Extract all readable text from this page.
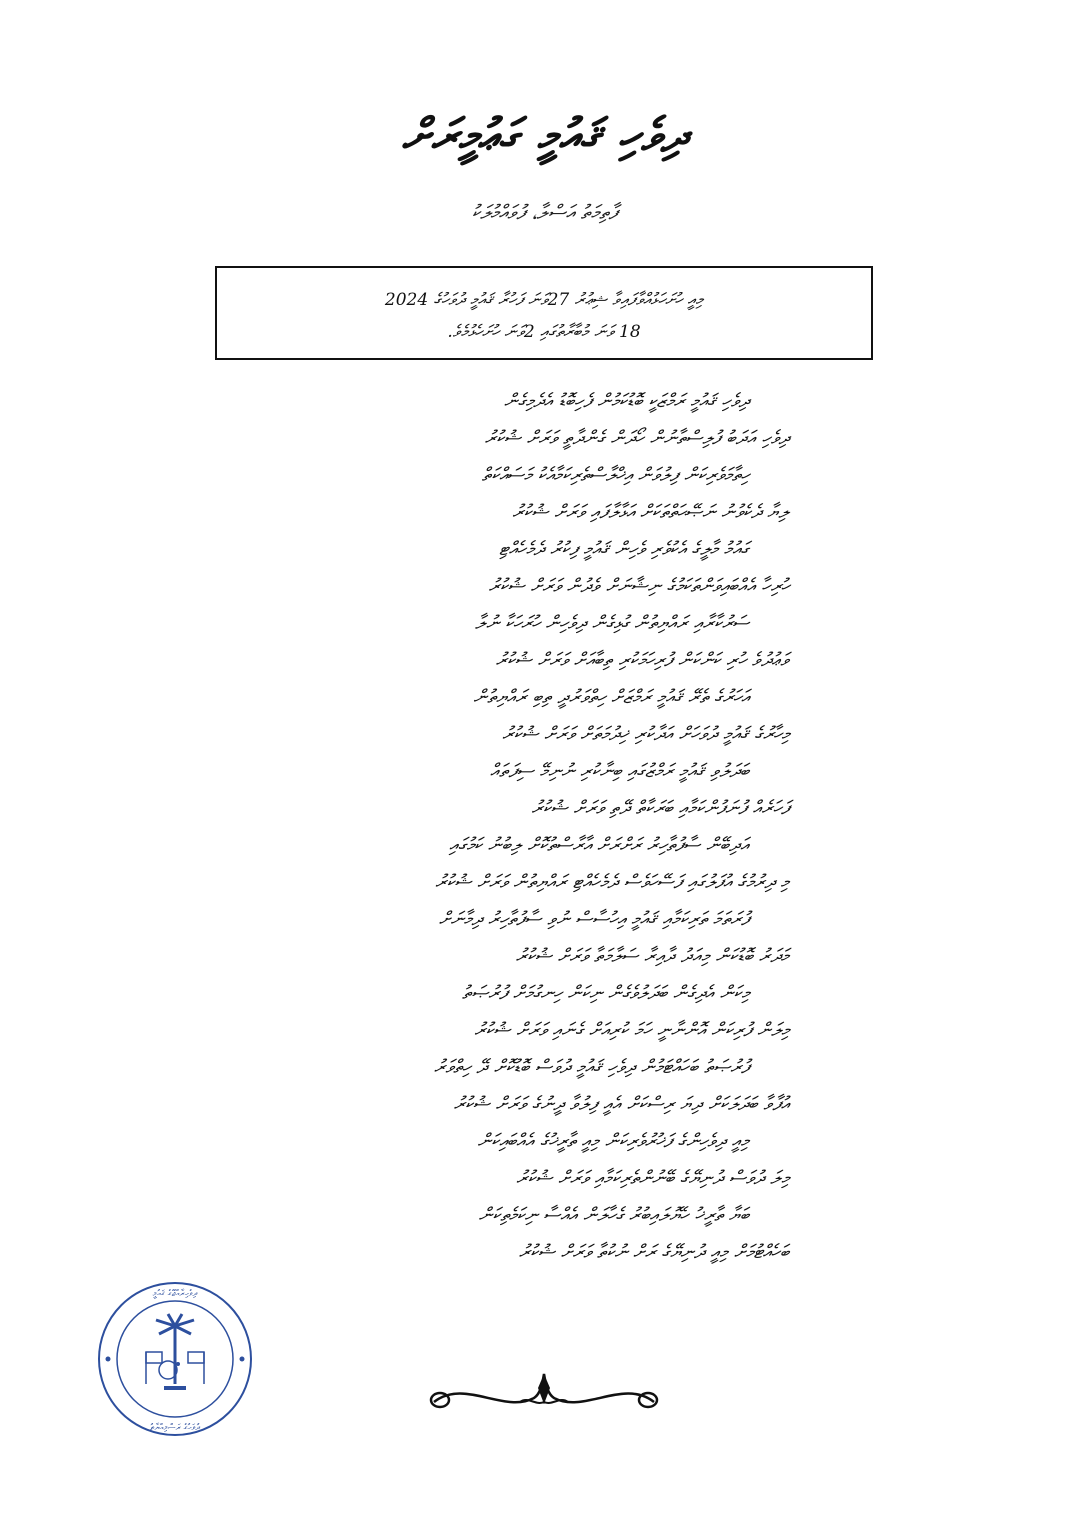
ދިވެހި ޤައުމީ ގަޢުމީރަށް
ފާތިމަތު އަސްލާ، ފުވައްމުލަކު
މިއީ ހުށަހަޅުއްވާފައިވާ ޝިޢުރު 27ވަނަ ފަހުރާ ޤައުމީ ދުވަހުގެ 2024
18 ވަނަ މުބާރާތުގައި 2ވަނަ ހުށަހެޅުމެވެ.
ދިވެހި ޤައުމީ ރަމްޒަކީ ބޮޑުކަމުން ފެހިބޮޑު އެދެމިގެން
ދިވެހި އަދަބު ފުލިސްތާނުން ހޯދަން ގެންދާތީ ވަރަށް ޝުކުރު
ހިތާމަވެރިކަން ފިލުވަން އިޚްލާސްތެރިކަމާއެކު މަސައްކަތް
ލިޔާ ދެކެވުނު ނަޞޭޙަތްތަކަށް އަޅާލާފައި ވަރަށް ޝުކުރު
ގައުމު މާލީގެ އެކުވެރި ވެހިން ޤައުމީ ފިކުރު ދެމެހެއްޓި
ހުރިހާ އެއްބައިވަންތަކަމުގެ ނިޝާނަށް ވެދުން ވަރަށް ޝުކުރު
ސަރުކާރާއި ރައްޔިތުން ގުޅިގެން ދިވެހިން ހުރަހަކާ ނުލާ
ވަޢުދުވެ ހުރި ކަންކަން ފުރިހަމަކުރި ތިބާއަށް ވަރަށް ޝުކުރު
އަހަރުގެ ތެރޭ ޤައުމީ ރަމްޒަށް ހިތްވަރުދީ ތިބި ރައްޔިތުން
މިހާރުގެ ޤައުމީ ދުވަހަށް އަދާކުރި ޚިދުމަތަށް ވަރަށް ޝުކުރު
ބަދަލުވި ޤައުމީ ރަމްޒުގައި ބިނާކުރި ނުނިމޭ ސިފަތައް
ފަހަރެއް ފުނަފުންކަމާއި ބަރަކާތް ދޭތި ވަރަށް ޝުކުރު
އަދިބޭން ސާފުތާހިރު ރަށްރަށް އާރާސްތުކޮށް ލިބުނު ކަމުގައި
މި ދިރުމުގެ އުފަލުގައި ފަސޭހަވެސް ދެމެހެއްޓި ރައްޔިތުން ވަރަށް ޝުކުރު
ފުރަތަމަ ތަރިކަމާއި ޤައުމީ އިހުސާސް ނުވި ސާފުތާހިރު ދިމާނަށް
މަދަރު ބޮޑުކަން މިއަދު ދާއިރާ ސަލާމަތާ ވަރަށް ޝުކުރު
މިކަން އެދިގެން ބަދަލުވެގެން ނިކަން ހިނގުމަށް ފުރުޞަތު
މިލަން ފުރިކަން އޮންނާނީ ހަމަ ކުރިއަށް ގެނައި ވަރަށް ޝުކުރު
ފުރުޞަތު ބަހައްޓަމުން ދިވެހި ޤައުމީ ދުވަސް ބޮޑުކޮށް ދޭ ހިތްވަރު
އުފާވާ ބަދަލަކަށް ދިޔަ ރިސްކަށް އެއީ ފިލުވާ ދީނުގެ ވަރަށް ޝުކުރު
މިއީ ދިވެހިންގެ ފަޚުރުވެރިކަން މިއީ ތާރީޚުގެ އެއްބައިކަން
މިލަ ދުވަސް ދުނިޔޭގެ ބޭނުންތެރިކަމާއި ވަރަށް ޝުކުރު
ބަޔާ ތާރީޚު ހެޔޮލައިބުރު ގެހާލަން އެއްސާ ނިކަމެތިކަން
ބަހެއްޓުމަށް މިއީ ދުނިޔޭގެ ރަށް ނުކުތާ ވަރަށް ޝުކުރު
ދިވެހިރާއްޖޭގެ ޤައުމީ
ދުވަހުގެ ރަސްމިއްޔާތު
